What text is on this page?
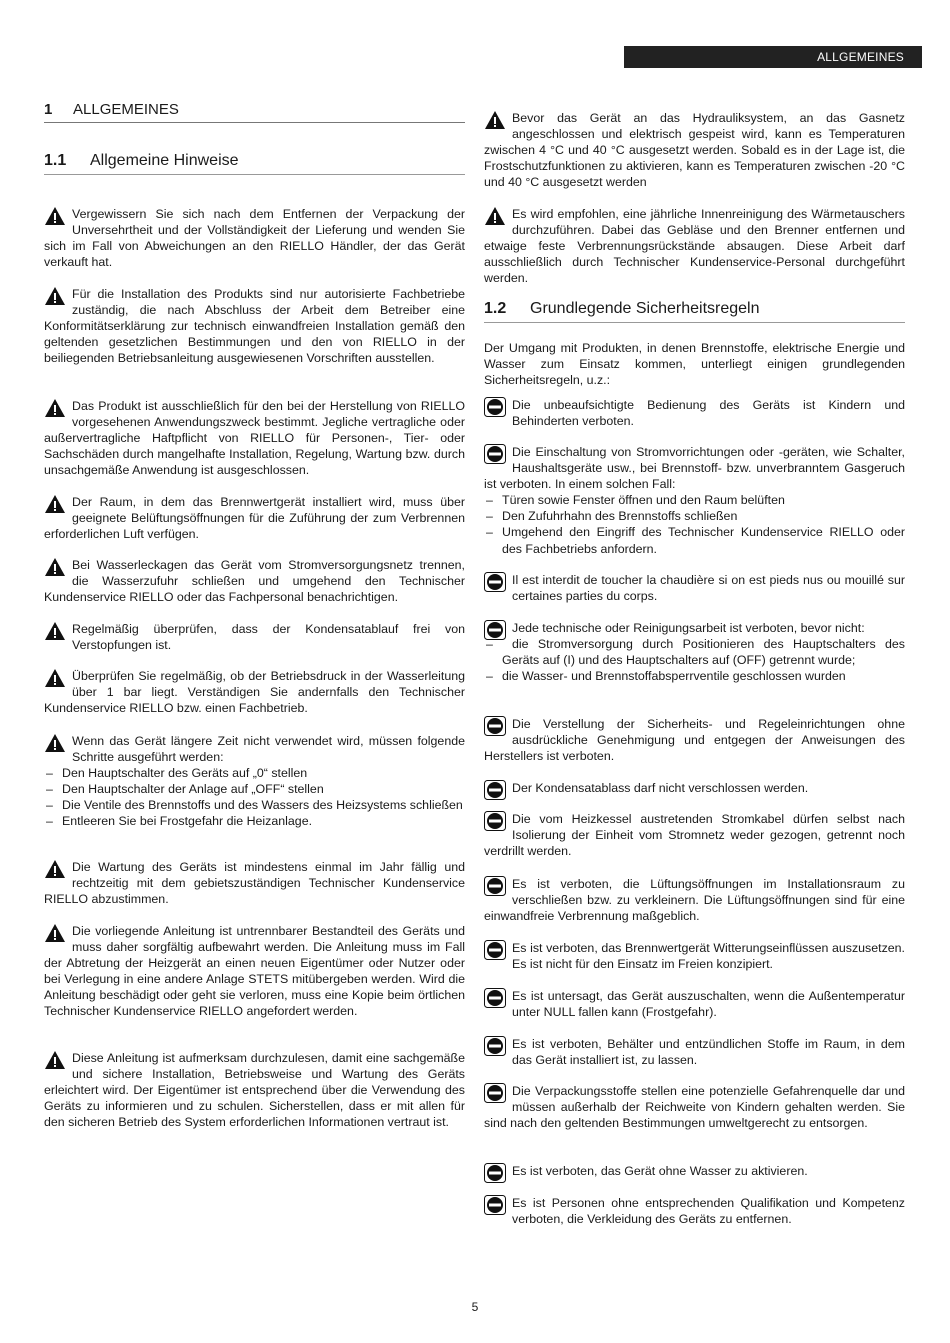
ALLGEMEINES
1 ALLGEMEINES
1.1 Allgemeine Hinweise
Vergewissern Sie sich nach dem Entfernen der Verpackung der Unversehrtheit und der Vollständigkeit der Lieferung und wenden Sie sich im Fall von Abweichungen an den RIELLO Händler, der das Gerät verkauft hat.
Für die Installation des Produkts sind nur autorisierte Fachbetriebe zuständig, die nach Abschluss der Arbeit dem Betreiber eine Konformitätserklärung zur technisch einwandfreien Installation gemäß den geltenden gesetzlichen Bestimmungen und den von RIELLO in der beiliegenden Betriebsanleitung ausgewiesenen Vorschriften ausstellen.
Das Produkt ist ausschließlich für den bei der Herstellung von RIELLO vorgesehenen Anwendungszweck bestimmt. Jegliche vertragliche oder außervertragliche Haftpflicht von RIELLO für Personen-, Tier- oder Sachschäden durch mangelhafte Installation, Regelung, Wartung bzw. durch unsachgemäße Anwendung ist ausgeschlossen.
Der Raum, in dem das Brennwertgerät installiert wird, muss über geeignete Belüftungsöffnungen für die Zuführung der zum Verbrennen erforderlichen Luft verfügen.
Bei Wasserleckagen das Gerät vom Stromversorgungsnetz trennen, die Wasserzufuhr schließen und umgehend den Technischer Kundenservice RIELLO oder das Fachpersonal benachrichtigen.
Regelmäßig überprüfen, dass der Kondensatablauf frei von Verstopfungen ist.
Überprüfen Sie regelmäßig, ob der Betriebsdruck in der Wasserleitung über 1 bar liegt. Verständigen Sie andernfalls den Technischer Kundenservice RIELLO bzw. einen Fachbetrieb.
Wenn das Gerät längere Zeit nicht verwendet wird, müssen folgende Schritte ausgeführt werden:
– Den Hauptschalter des Geräts auf „0“ stellen
– Den Hauptschalter der Anlage auf „OFF“ stellen
– Die Ventile des Brennstoffs und des Wassers des Heizsystems schließen
– Entleeren Sie bei Frostgefahr die Heizanlage.
Die Wartung des Geräts ist mindestens einmal im Jahr fällig und rechtzeitig mit dem gebietszuständigen Technischer Kundenservice RIELLO abzustimmen.
Die vorliegende Anleitung ist untrennbarer Bestandteil des Geräts und muss daher sorgfältig aufbewahrt werden. Die Anleitung muss im Fall der Abtretung der Heizgerät an einen neuen Eigentümer oder Nutzer oder bei Verlegung in eine andere Anlage STETS mitübergeben werden. Wird die Anleitung beschädigt oder geht sie verloren, muss eine Kopie beim örtlichen Technischer Kundenservice RIELLO angefordert werden.
Diese Anleitung ist aufmerksam durchzulesen, damit eine sachgemäße und sichere Installation, Betriebsweise und Wartung des Geräts erleichtert wird. Der Eigentümer ist entsprechend über die Verwendung des Geräts zu informieren und zu schulen. Sicherstellen, dass er mit allen für den sicheren Betrieb des System erforderlichen Informationen vertraut ist.
Bevor das Gerät an das Hydrauliksystem, an das Gasnetz angeschlossen und elektrisch gespeist wird, kann es Temperaturen zwischen 4 °C und 40 °C ausgesetzt werden. Sobald es in der Lage ist, die Frostschutzfunktionen zu aktivieren, kann es Temperaturen zwischen -20 °C und 40 °C ausgesetzt werden
Es wird empfohlen, eine jährliche Innenreinigung des Wärmetauschers durchzuführen. Dabei das Gebläse und den Brenner entfernen und etwaige feste Verbrennungsrückstände absaugen. Diese Arbeit darf ausschließlich durch Technischer Kundenservice-Personal durchgeführt werden.
1.2 Grundlegende Sicherheitsregeln
Der Umgang mit Produkten, in denen Brennstoffe, elektrische Energie und Wasser zum Einsatz kommen, unterliegt einigen grundlegenden Sicherheitsregeln, u.z.:
Die unbeaufsichtigte Bedienung des Geräts ist Kindern und Behinderten verboten.
Die Einschaltung von Stromvorrichtungen oder -geräten, wie Schalter, Haushaltsgeräte usw., bei Brennstoff- bzw. unverbranntem Gasgeruch ist verboten. In einem solchen Fall:
– Türen sowie Fenster öffnen und den Raum belüften
– Den Zufuhrhahn des Brennstoffs schließen
– Umgehend den Eingriff des Technischer Kundenservice RIELLO oder des Fachbetriebs anfordern.
Il est interdit de toucher la chaudière si on est pieds nus ou mouillé sur certaines parties du corps.
Jede technische oder Reinigungsarbeit ist verboten, bevor nicht:
– die Stromversorgung durch Positionieren des Hauptschalters des Geräts auf (I) und des Hauptschalters auf (OFF) getrennt wurde;
– die Wasser- und Brennstoffabsperrventile geschlossen wurden
Die Verstellung der Sicherheits- und Regeleinrichtungen ohne ausdrückliche Genehmigung und entgegen der Anweisungen des Herstellers ist verboten.
Der Kondensatablass darf nicht verschlossen werden.
Die vom Heizkessel austretenden Stromkabel dürfen selbst nach Isolierung der Einheit vom Stromnetz weder gezogen, getrennt noch verdrillt werden.
Es ist verboten, die Lüftungsöffnungen im Installationsraum zu verschließen bzw. zu verkleinern. Die Lüftungsöffnungen sind für eine einwandfreie Verbrennung maßgeblich.
Es ist verboten, das Brennwertgerät Witterungseinflüssen auszusetzen. Es ist nicht für den Einsatz im Freien konzipiert.
Es ist untersagt, das Gerät auszuschalten, wenn die Außentemperatur unter NULL fallen kann (Frostgefahr).
Es ist verboten, Behälter und entzündlichen Stoffe im Raum, in dem das Gerät installiert ist, zu lassen.
Die Verpackungsstoffe stellen eine potenzielle Gefahrenquelle dar und müssen außerhalb der Reichweite von Kindern gehalten werden. Sie sind nach den geltenden Bestimmungen umweltgerecht zu entsorgen.
Es ist verboten, das Gerät ohne Wasser zu aktivieren.
Es ist Personen ohne entsprechenden Qualifikation und Kompetenz verboten, die Verkleidung des Geräts zu entfernen.
5
